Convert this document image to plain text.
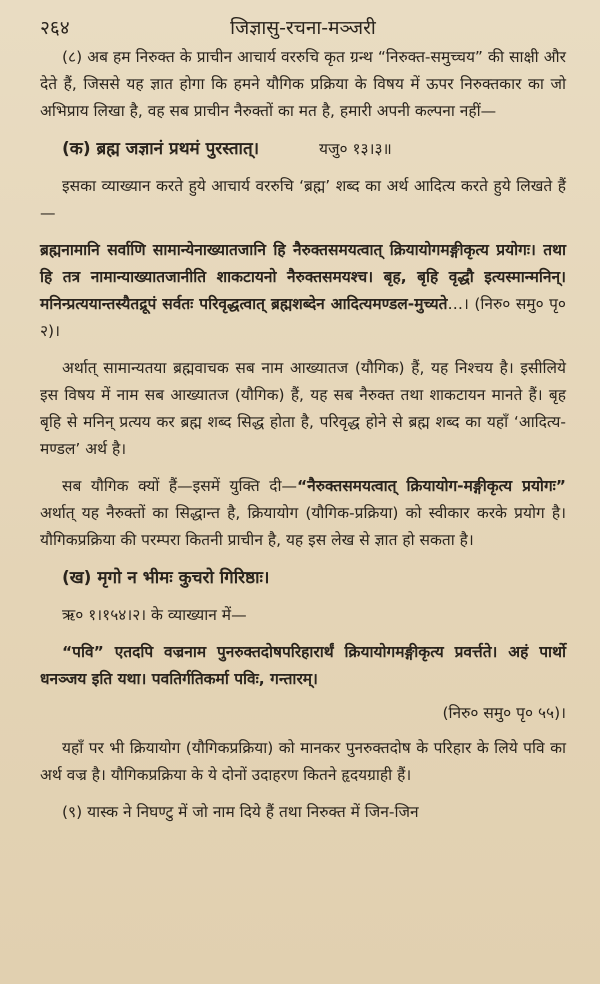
२६४	जिज्ञासु-रचना-मञ्जरी

(८) अब हम निरुक्त के प्राचीन आचार्य वररुचि कृत ग्रन्थ “निरुक्त-समुच्चय” की साक्षी और देते हैं, जिससे यह ज्ञात होगा कि हमने यौगिक प्रक्रिया के विषय में ऊपर निरुक्तकार का जो अभिप्राय लिखा है, वह सब प्राचीन नैरुक्तों का मत है, हमारी अपनी कल्पना नहीं—

(क) ब्रह्म जज्ञानं प्रथमं पुरस्तात्।	यजु० १३।३॥

इसका व्याख्यान करते हुये आचार्य वररुचि ‘ब्रह्म’ शब्द का अर्थ आदित्य करते हुये लिखते हैं—

ब्रह्मनामानि सर्वाणि सामान्येनाख्यातजानि हि नैरुक्तसमयत्वात् क्रियायोगमङ्गीकृत्य प्रयोगः। तथा हि तत्र नामान्याख्यातजानीति शाकटायनो नैरुक्तसमयश्च। बृह, बृहि वृद्धौ इत्यस्मान्मनिन्। मनिन्प्रत्ययान्तस्यैतद्रूपं सर्वतः परिवृद्धत्वात् ब्रह्मशब्देन आदित्यमण्डल-मुच्यते…। (निरु० समु० पृ० २)।

अर्थात् सामान्यतया ब्रह्मवाचक सब नाम आख्यातज (यौगिक) हैं, यह निश्चय है। इसीलिये इस विषय में नाम सब आख्यातज (यौगिक) हैं, यह सब नैरुक्त तथा शाकटायन मानते हैं। बृह बृहि से मनिन् प्रत्यय कर ब्रह्म शब्द सिद्ध होता है, परिवृद्ध होने से ब्रह्म शब्द का यहाँ ‘आदित्य-मण्डल’ अर्थ है।

सब यौगिक क्यों हैं—इसमें युक्ति दी—“नैरुक्तसमयत्वात् क्रियायोग-मङ्गीकृत्य प्रयोगः” अर्थात् यह नैरुक्तों का सिद्धान्त है, क्रियायोग (यौगिक-प्रक्रिया) को स्वीकार करके प्रयोग है। यौगिकप्रक्रिया की परम्परा कितनी प्राचीन है, यह इस लेख से ज्ञात हो सकता है।

(ख) मृगो न भीमः कुचरो गिरिष्ठाः।

ऋ० १।१५४।२। के व्याख्यान में—

“पवि” एतदपि वज्रनाम पुनरुक्तदोषपरिहारार्थं क्रियायोगमङ्गीकृत्य प्रवर्त्तते। अहं पार्थो धनञ्जय इति यथा। पवतिर्गतिकर्मा पविः, गन्तारम्।

(निरु० समु० पृ० ५५)।

यहाँ पर भी क्रियायोग (यौगिकप्रक्रिया) को मानकर पुनरुक्तदोष के परिहार के लिये पवि का अर्थ वज्र है। यौगिकप्रक्रिया के ये दोनों उदाहरण कितने हृदयग्राही हैं।

(९) यास्क ने निघण्टु में जो नाम दिये हैं तथा निरुक्त में जिन-जिन
